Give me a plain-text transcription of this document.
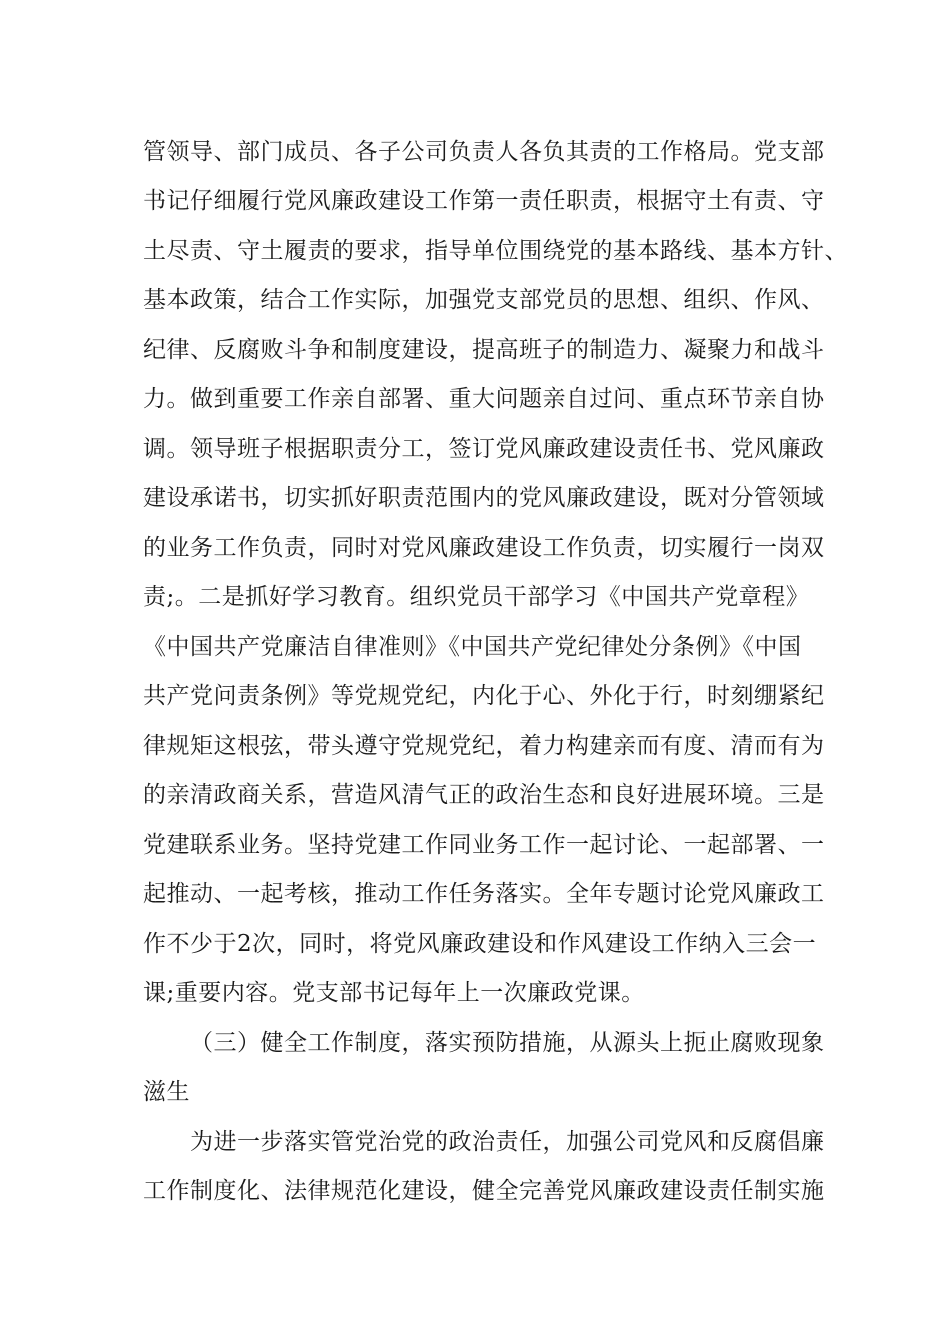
管领导、部门成员、各子公司负责人各负其责的工作格局。党支部
书记仔细履行党风廉政建设工作第一责任职责，根据守土有责、守
土尽责、守土履责的要求，指导单位围绕党的基本路线、基本方针、
基本政策，结合工作实际，加强党支部党员的思想、组织、作风、
纪律、反腐败斗争和制度建设，提高班子的制造力、凝聚力和战斗
力。做到重要工作亲自部署、重大问题亲自过问、重点环节亲自协
调。领导班子根据职责分工，签订党风廉政建设责任书、党风廉政
建设承诺书，切实抓好职责范围内的党风廉政建设，既对分管领域
的业务工作负责，同时对党风廉政建设工作负责，切实履行一岗双
责;。二是抓好学习教育。组织党员干部学习《中国共产党章程》
《中国共产党廉洁自律准则》《中国共产党纪律处分条例》《中国
共产党问责条例》等党规党纪，内化于心、外化于行，时刻绷紧纪
律规矩这根弦，带头遵守党规党纪，着力构建亲而有度、清而有为
的亲清政商关系，营造风清气正的政治生态和良好进展环境。三是
党建联系业务。坚持党建工作同业务工作一起讨论、一起部署、一
起推动、一起考核，推动工作任务落实。全年专题讨论党风廉政工
作不少于2次，同时，将党风廉政建设和作风建设工作纳入三会一
课;重要内容。党支部书记每年上一次廉政党课。
（三）健全工作制度，落实预防措施，从源头上扼止腐败现象
滋生
为进一步落实管党治党的政治责任，加强公司党风和反腐倡廉
工作制度化、法律规范化建设，健全完善党风廉政建设责任制实施
